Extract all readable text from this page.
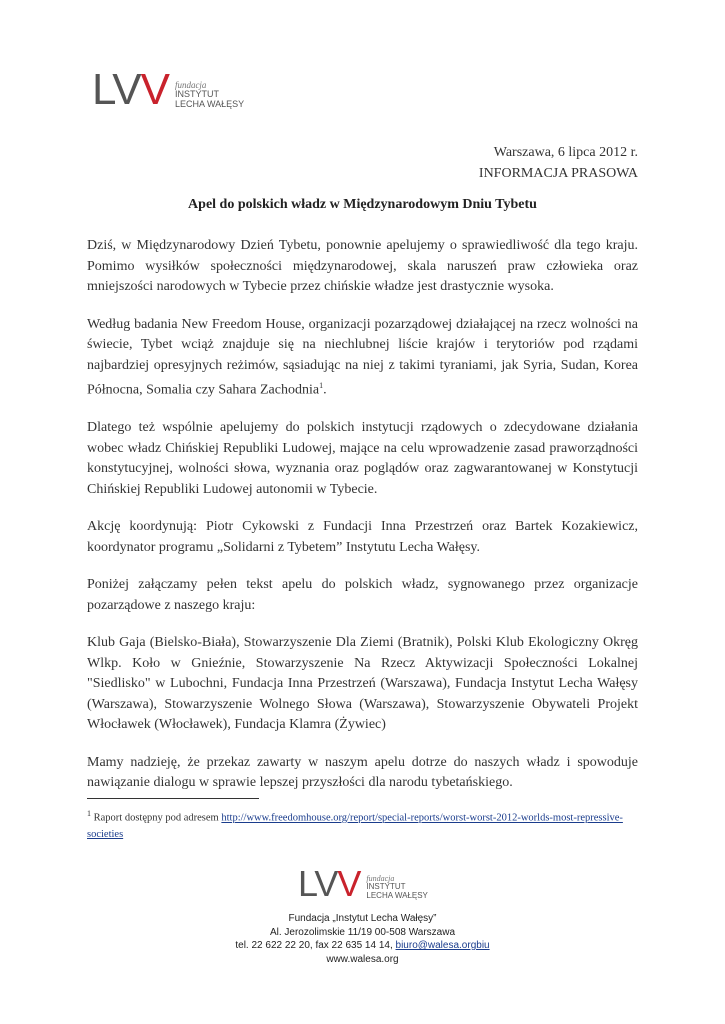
LVV fundacja
INSTYTUT
LECHA WAŁĘSY
Warszawa, 6 lipca 2012 r.
INFORMACJA PRASOWA
Apel do polskich władz w Międzynarodowym Dniu Tybetu

Dziś, w Międzynarodowy Dzień Tybetu, ponownie apelujemy o sprawiedliwość dla tego kraju. Pomimo wysiłków społeczności międzynarodowej, skala naruszeń praw człowieka oraz mniejszości narodowych w Tybecie przez chińskie władze jest drastycznie wysoka.

Według badania New Freedom House, organizacji pozarządowej działającej na rzecz wolności na świecie, Tybet wciąż znajduje się na niechlubnej liście krajów i terytoriów pod rządami najbardziej opresyjnych reżimów, sąsiadując na niej z takimi tyraniami, jak Syria, Sudan, Korea Północna, Somalia czy Sahara Zachodnia$^1$.

Dlatego też wspólnie apelujemy do polskich instytucji rządowych o zdecydowane działania wobec władz Chińskiej Republiki Ludowej, mające na celu wprowadzenie zasad praworządności konstytucyjnej, wolności słowa, wyznania oraz poglądów oraz zagwarantowanej w Konstytucji Chińskiej Republiki Ludowej autonomii w Tybecie.

Akcję koordynują: Piotr Cykowski z Fundacji Inna Przestrzeń oraz Bartek Kozakiewicz, koordynator programu „Solidarni z Tybetem” Instytutu Lecha Wałęsy.

Poniżej załączamy pełen tekst apelu do polskich władz, sygnowanego przez organizacje pozarządowe z naszego kraju:

Klub Gaja (Bielsko-Biała), Stowarzyszenie Dla Ziemi (Bratnik), Polski Klub Ekologiczny Okręg Wlkp. Koło w Gnieźnie, Stowarzyszenie Na Rzecz Aktywizacji Społeczności Lokalnej "Siedlisko" w Lubochni, Fundacja Inna Przestrzeń (Warszawa), Fundacja Instytut Lecha Wałęsy (Warszawa), Stowarzyszenie Wolnego Słowa (Warszawa), Stowarzyszenie Obywateli Projekt Włocławek (Włocławek), Fundacja Klamra (Żywiec)

Mamy nadzieję, że przekaz zawarty w naszym apelu dotrze do naszych władz i spowoduje nawiązanie dialogu w sprawie lepszej przyszłości dla narodu tybetańskiego.

$^1$ Raport dostępny pod adresem http://www.freedomhouse.org/report/special-reports/worst-worst-2012-worlds-most-repressive-societies
LVV fundacja
INSTYTUT
LECHA WAŁĘSY
Fundacja „Instytut Lecha Wałęsy”
Al. Jerozolimskie 11/19 00-508 Warszawa
tel. 22 622 22 20, fax 22 635 14 14, biuro@walesa.orgbiu
www.walesa.org
